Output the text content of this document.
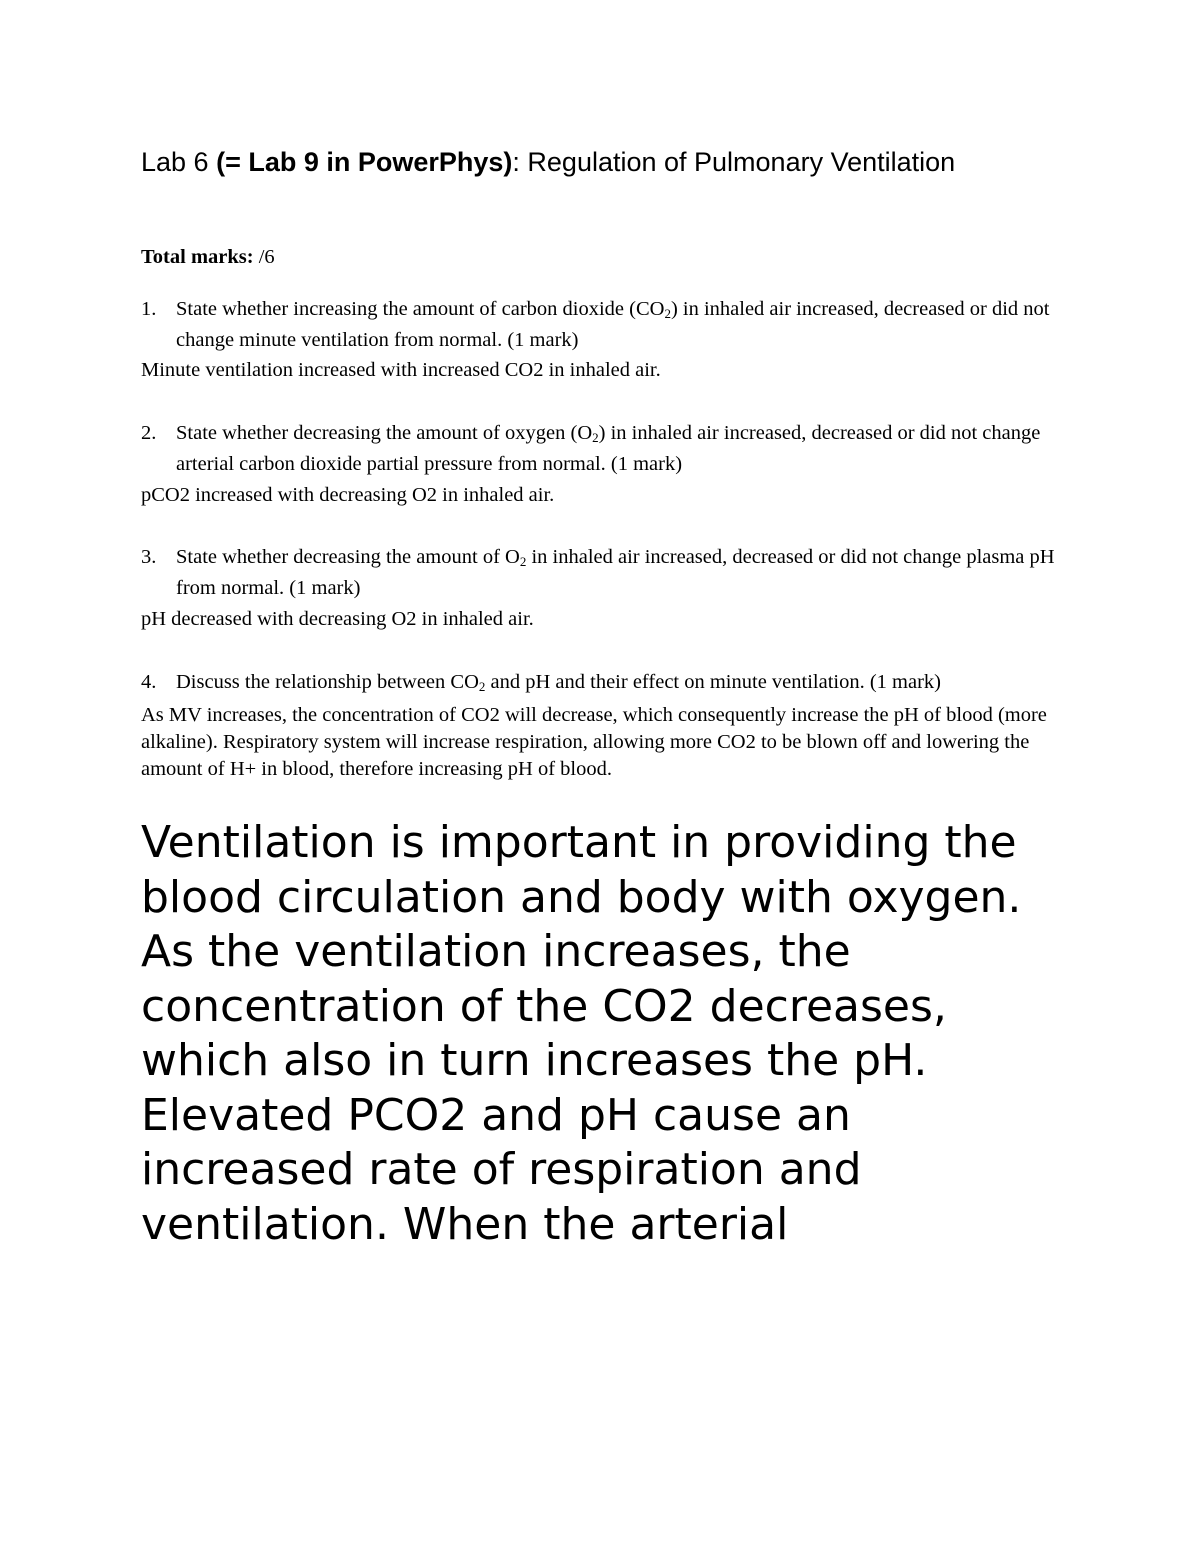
Lab 6 (= Lab 9 in PowerPhys): Regulation of Pulmonary Ventilation

Total marks: /6

1. State whether increasing the amount of carbon dioxide $(CO_2)$ in inhaled air increased, decreased or did not change minute ventilation from normal. (1 mark)

Minute ventilation increased with increased CO2 in inhaled air.

2. State whether decreasing the amount of oxygen $(O_2)$ in inhaled air increased, decreased or did not change arterial carbon dioxide partial pressure from normal. (1 mark)

pCO2 increased with decreasing O2 in inhaled air.

3. State whether decreasing the amount of $O_2$ in inhaled air increased, decreased or did not change plasma pH from normal. (1 mark)

pH decreased with decreasing O2 in inhaled air.

4. Discuss the relationship between $CO_2$ and pH and their effect on minute ventilation. (1 mark)

As MV increases, the concentration of CO2 will decrease, which consequently increase the pH of blood (more alkaline). Respiratory system will increase respiration, allowing more CO2 to be blown off and lowering the amount of H+ in blood, therefore increasing pH of blood.

Ventilation is important in providing the blood circulation and body with oxygen. As the ventilation increases, the concentration of the CO2 decreases, which also in turn increases the pH. Elevated PCO2 and pH cause an increased rate of respiration and ventilation. When the arterial
